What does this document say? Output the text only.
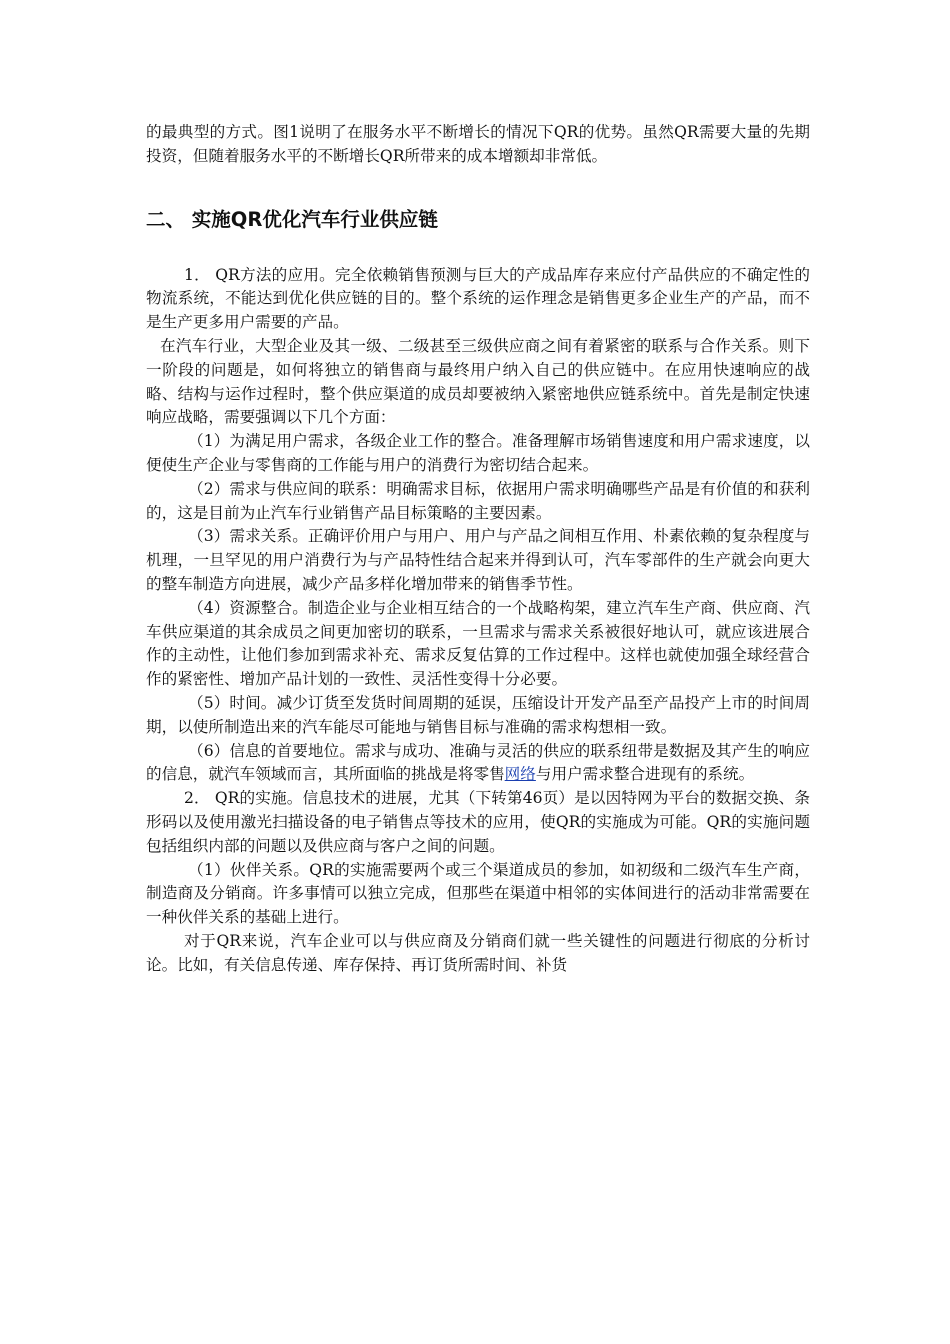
的最典型的方式。图1说明了在服务水平不断增长的情况下QR的优势。虽然QR需要大量的先期投资，但随着服务水平的不断增长QR所带来的成本增额却非常低。

二、 实施QR优化汽车行业供应链

1． QR方法的应用。完全依赖销售预测与巨大的产成品库存来应付产品供应的不确定性的物流系统，不能达到优化供应链的目的。整个系统的运作理念是销售更多企业生产的产品，而不是生产更多用户需要的产品。

在汽车行业，大型企业及其一级、二级甚至三级供应商之间有着紧密的联系与合作关系。则下一阶段的问题是，如何将独立的销售商与最终用户纳入自己的供应链中。在应用快速响应的战略、结构与运作过程时，整个供应渠道的成员却要被纳入紧密地供应链系统中。首先是制定快速响应战略，需要强调以下几个方面：

（1）为满足用户需求，各级企业工作的整合。准备理解市场销售速度和用户需求速度，以便使生产企业与零售商的工作能与用户的消费行为密切结合起来。

（2）需求与供应间的联系：明确需求目标，依据用户需求明确哪些产品是有价值的和获利的，这是目前为止汽车行业销售产品目标策略的主要因素。

（3）需求关系。正确评价用户与用户、用户与产品之间相互作用、朴素依赖的复杂程度与机理，一旦罕见的用户消费行为与产品特性结合起来并得到认可，汽车零部件的生产就会向更大的整车制造方向进展，减少产品多样化增加带来的销售季节性。

（4）资源整合。制造企业与企业相互结合的一个战略构架，建立汽车生产商、供应商、汽车供应渠道的其余成员之间更加密切的联系，一旦需求与需求关系被很好地认可，就应该进展合作的主动性，让他们参加到需求补充、需求反复估算的工作过程中。这样也就使加强全球经营合作的紧密性、增加产品计划的一致性、灵活性变得十分必要。

（5）时间。减少订货至发货时间周期的延误，压缩设计开发产品至产品投产上市的时间周期，以使所制造出来的汽车能尽可能地与销售目标与准确的需求构想相一致。

（6）信息的首要地位。需求与成功、准确与灵活的供应的联系纽带是数据及其产生的响应的信息，就汽车领域而言，其所面临的挑战是将零售网络与用户需求整合进现有的系统。

2． QR的实施。信息技术的进展，尤其（下转第46页）是以因特网为平台的数据交换、条形码以及使用激光扫描设备的电子销售点等技术的应用，使QR的实施成为可能。QR的实施问题包括组织内部的问题以及供应商与客户之间的问题。

（1）伙伴关系。QR的实施需要两个或三个渠道成员的参加，如初级和二级汽车生产商，制造商及分销商。许多事情可以独立完成，但那些在渠道中相邻的实体间进行的活动非常需要在一种伙伴关系的基础上进行。

对于QR来说，汽车企业可以与供应商及分销商们就一些关键性的问题进行彻底的分析讨论。比如，有关信息传递、库存保持、再订货所需时间、补货
